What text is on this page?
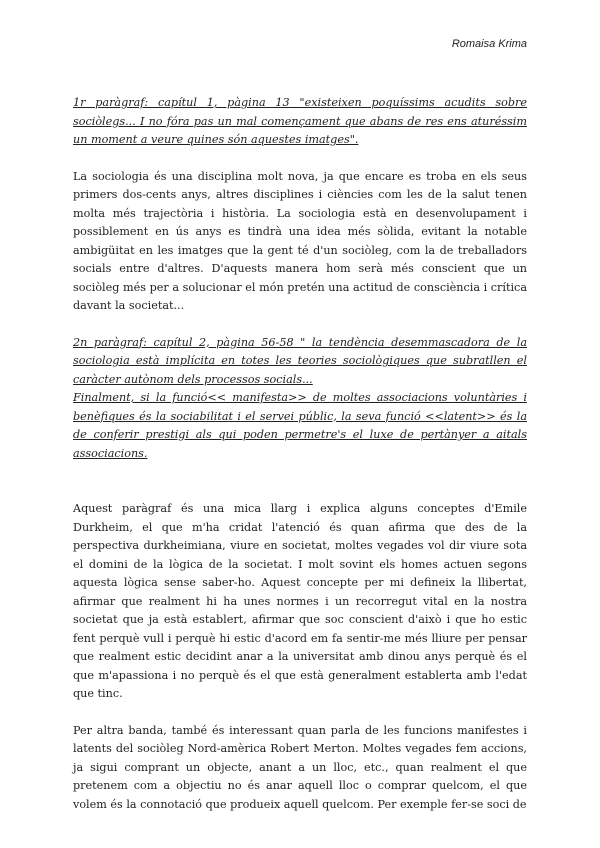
Romaisa Krima

1r paràgraf: capítul 1, pàgina 13 "existeixen poquíssims acudits sobre sociòlegs... I no fóra pas un mal començament que abans de res ens aturéssim un moment a veure quines són aquestes imatges".

La sociologia és una disciplina molt nova, ja que encare es troba en els seus primers dos-cents anys, altres disciplines i ciències com les de la salut tenen molta més trajectòria i història. La sociologia està en desenvolupament i possiblement en ús anys es tindrà una idea més sòlida, evitant la notable ambigüitat en les imatges que la gent té d'un sociòleg, com la de treballadors socials entre d'altres. D'aquests manera hom serà més conscient que un sociòleg més per a solucionar el món pretén una actitud de consciència i crítica davant la societat...

2n paràgraf: capítul 2, pàgina 56-58 " la tendència desemmascadora de la sociologia està implícita en totes les teories sociològiques que subratllen el caràcter autònom dels processos socials...

Finalment, si la funció<< manifesta>> de moltes associacions voluntàries i benèfiques és la sociabilitat i el servei públic, la seva funció <<latent>> és la de conferir prestigi als qui poden permetre's el luxe de pertànyer a aitals associacions.

Aquest paràgraf és una mica llarg i explica alguns conceptes d'Emile Durkheim, el que m'ha cridat l'atenció és quan afirma que des de la perspectiva durkheimiana, viure en societat, moltes vegades vol dir viure sota el domini de la lògica de la societat. I molt sovint els homes actuen segons aquesta lògica sense saber-ho. Aquest concepte per mi defineix la llibertat, afirmar que realment hi ha unes normes i un recorregut vital en la nostra societat que ja està establert, afirmar que soc conscient d'això i que ho estic fent perquè vull i perquè hi estic d'acord em fa sentir-me més lliure per pensar que realment estic decidint anar a la universitat amb dinou anys perquè és el que m'apassiona i no perquè és el que està generalment establerta amb l'edat que tinc.

Per altra banda, també és interessant quan parla de les funcions manifestes i latents del sociòleg Nord-amèrica Robert Merton. Moltes vegades fem accions, ja sigui comprant un objecte, anant a un lloc, etc., quan realment el que pretenem com a objectiu no és anar aquell lloc o comprar quelcom, el que volem és la connotació que produeix aquell quelcom. Per exemple fer-se soci de
